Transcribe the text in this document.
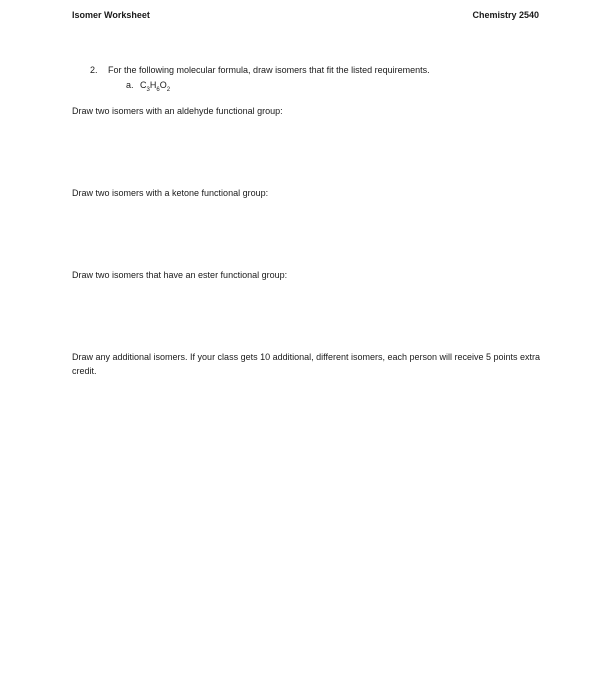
Isomer Worksheet	Chemistry 2540
2. For the following molecular formula, draw isomers that fit the listed requirements.
a. $C_3H_6O_2$
Draw two isomers with an aldehyde functional group:
Draw two isomers with a ketone functional group:
Draw two isomers that have an ester functional group:
Draw any additional isomers. If your class gets 10 additional, different isomers, each person will receive 5 points extra credit.
